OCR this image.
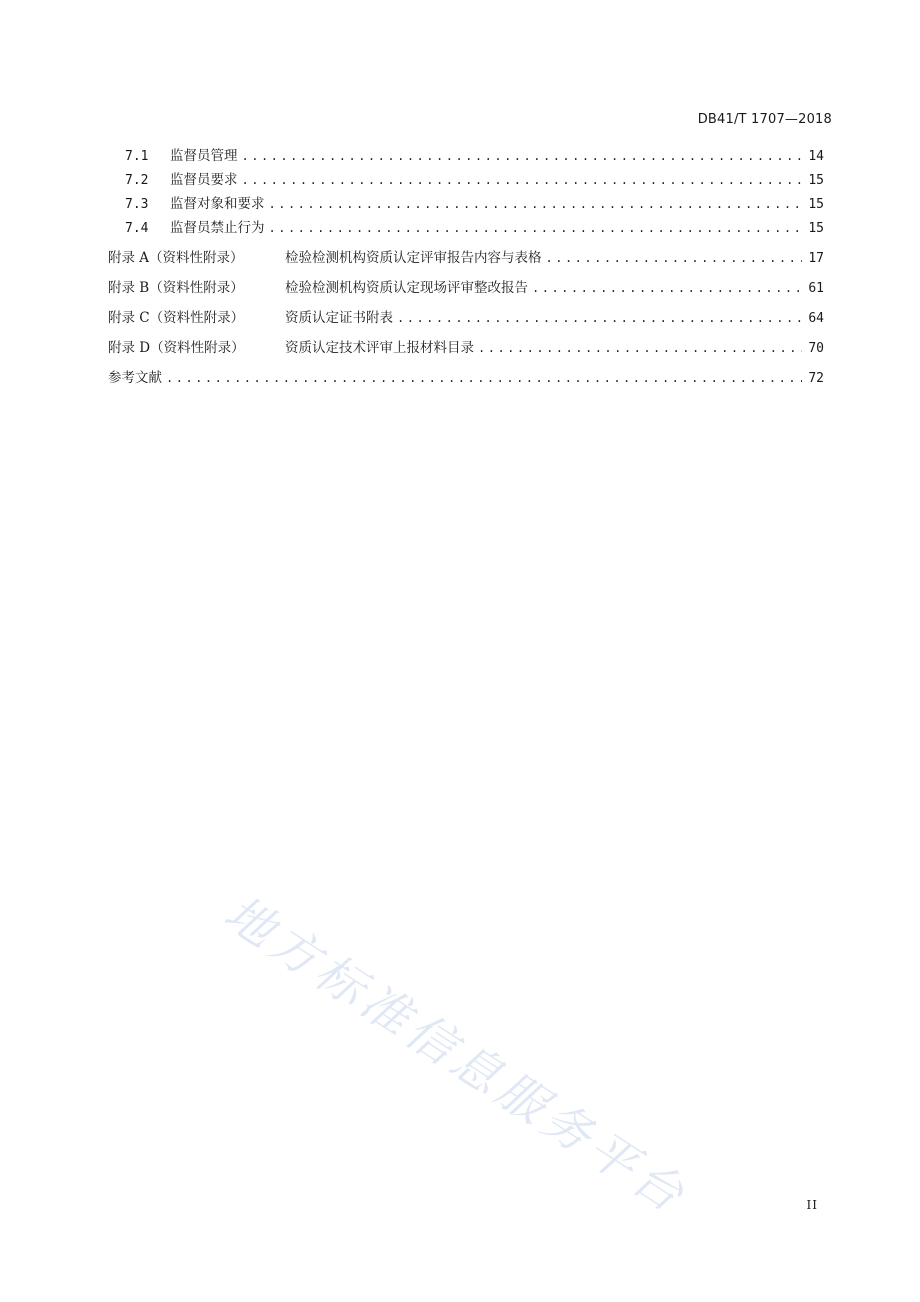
DB41/T 1707—2018
7.1	监督员管理 .....	14
7.2	监督员要求 .....	15
7.3	监督对象和要求 .....	15
7.4	监督员禁止行为 .....	15
附录 A（资料性附录）	检验检测机构资质认定评审报告内容与表格 .....	17
附录 B（资料性附录）	检验检测机构资质认定现场评审整改报告 .....	61
附录 C（资料性附录）	资质认定证书附表 .....	64
附录 D（资料性附录）	资质认定技术评审上报材料目录 .....	70
参考文献 .....	72
地方标准信息服务平台	II
